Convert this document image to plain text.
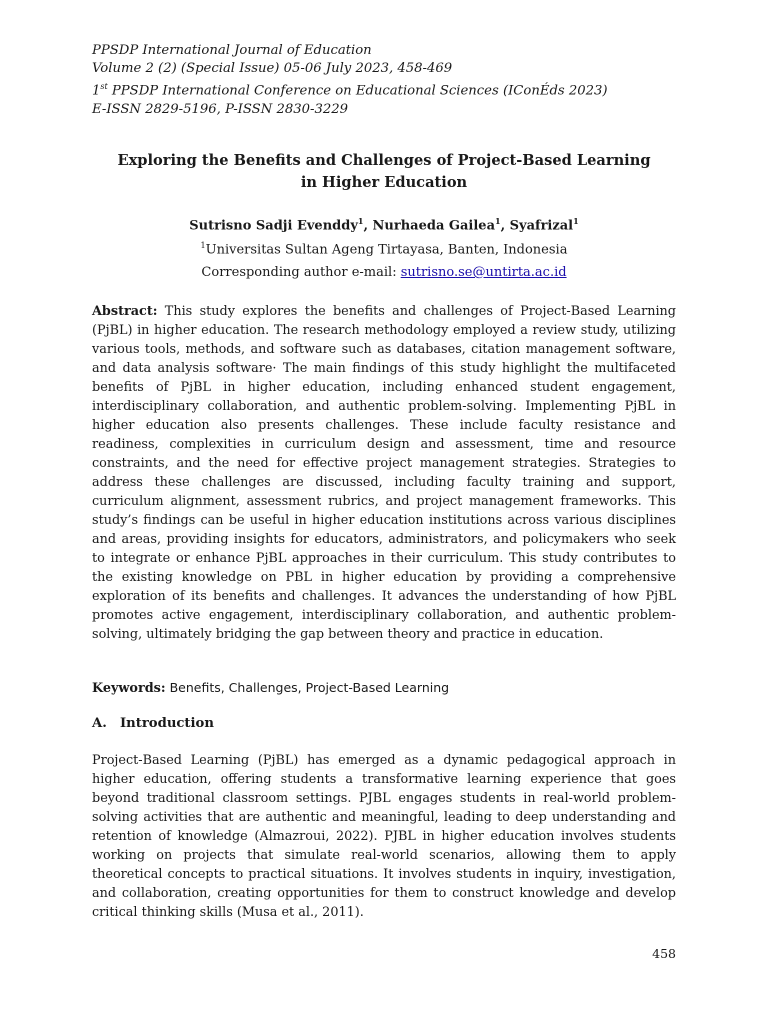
PPSDP International Journal of Education
Volume 2 (2) (Special Issue) 05-06 July 2023, 458-469
1st PPSDP International Conference on Educational Sciences (IConÉds 2023)
E-ISSN 2829-5196, P-ISSN 2830-3229
Exploring the Benefits and Challenges of Project-Based Learning
in Higher Education
Sutrisno Sadji Evenddy$^1$, Nurhaeda Gailea$^1$, Syafrizal$^1$
$^1$Universitas Sultan Ageng Tirtayasa, Banten, Indonesia
Corresponding author e-mail: sutrisno.se@untirta.ac.id

Abstract: This study explores the benefits and challenges of Project-Based Learning (PjBL) in higher education. The research methodology employed a review study, utilizing various tools, methods, and software such as databases, citation management software, and data analysis software· The main findings of this study highlight the multifaceted benefits of PjBL in higher education, including enhanced student engagement, interdisciplinary collaboration, and authentic problem-solving. Implementing PjBL in higher education also presents challenges. These include faculty resistance and readiness, complexities in curriculum design and assessment, time and resource constraints, and the need for effective project management strategies. Strategies to address these challenges are discussed, including faculty training and support, curriculum alignment, assessment rubrics, and project management frameworks. This study’s findings can be useful in higher education institutions across various disciplines and areas, providing insights for educators, administrators, and policymakers who seek to integrate or enhance PjBL approaches in their curriculum. This study contributes to the existing knowledge on PBL in higher education by providing a comprehensive exploration of its benefits and challenges. It advances the understanding of how PjBL promotes active engagement, interdisciplinary collaboration, and authentic problem-solving, ultimately bridging the gap between theory and practice in education.

Keywords: Benefits, Challenges, Project-Based Learning
A. Introduction

Project-Based Learning (PjBL) has emerged as a dynamic pedagogical approach in higher education, offering students a transformative learning experience that goes beyond traditional classroom settings. PJBL engages students in real-world problem-solving activities that are authentic and meaningful, leading to deep understanding and retention of knowledge (Almazroui, 2022). PJBL in higher education involves students working on projects that simulate real-world scenarios, allowing them to apply theoretical concepts to practical situations. It involves students in inquiry, investigation, and collaboration, creating opportunities for them to construct knowledge and develop critical thinking skills (Musa et al., 2011).

458
